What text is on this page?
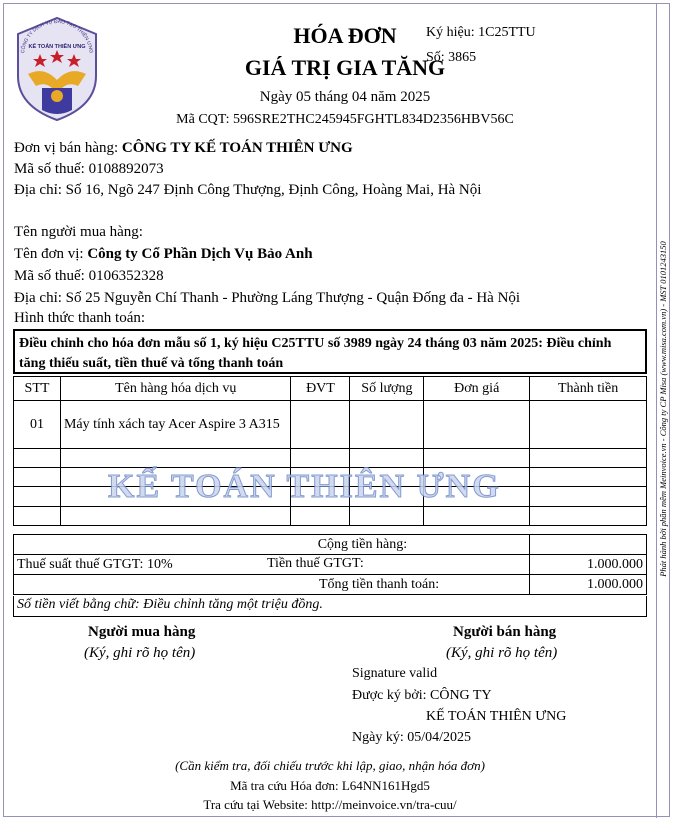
CÔNG TY DỊCH VỤ ĐÀO TẠO THIÊN ƯNG
KẾ TOÁN THIÊN ƯNG	HÓA ĐƠN
GIÁ TRỊ GIA TĂNG
Ngày 05 tháng 04 năm 2025
Mã CQT: 596SRE2THC245945FGHTL834D2356HBV56C
Ký hiệu: 1C25TTU
Số: 3865
Đơn vị bán hàng: CÔNG TY KẾ TOÁN THIÊN ƯNG
Mã số thuế: 0108892073
Địa chỉ: Số 16, Ngõ 247 Định Công Thượng, Định Công, Hoàng Mai, Hà Nội
Tên người mua hàng:
Tên đơn vị: Công ty Cổ Phần Dịch Vụ Bảo Anh
Mã số thuế: 0106352328
Địa chỉ: Số 25 Nguyễn Chí Thanh - Phường Láng Thượng - Quận Đống đa - Hà Nội
Hình thức thanh toán:
Điều chỉnh cho hóa đơn mẫu số 1, ký hiệu C25TTU số 3989 ngày 24 tháng 03 năm 2025: Điều chỉnh tăng thiếu suất, tiền thuế và tổng thanh toán
STT	Tên hàng hóa dịch vụ	ĐVT	Số lượng	Đơn giá	Thành tiền
01	Máy tính xách tay Acer Aspire 3 A315				

KẾ TOÁN THIÊN ƯNG
Cộng tiền hàng:	
Thuế suất thuế GTGT: 10% Tiền thuế GTGT:	1.000.000
Tổng tiền thanh toán:	1.000.000
Số tiền viết bằng chữ: Điều chỉnh tăng một triệu đồng.
Người mua hàng
(Ký, ghi rõ họ tên)
Người bán hàng
(Ký, ghi rõ họ tên)
Signature valid
Được ký bởi: CÔNG TY
KẾ TOÁN THIÊN ƯNG
Ngày ký: 05/04/2025
(Cần kiểm tra, đối chiếu trước khi lập, giao, nhận hóa đơn)
Mã tra cứu Hóa đơn: L64NN161Hgd5
Tra cứu tại Website: http://meinvoice.vn/tra-cuu/
Phát hành bởi phần mềm Meinvoice.vn - Công ty CP Misa (www.misa.com.vn) - MST 0101243150
